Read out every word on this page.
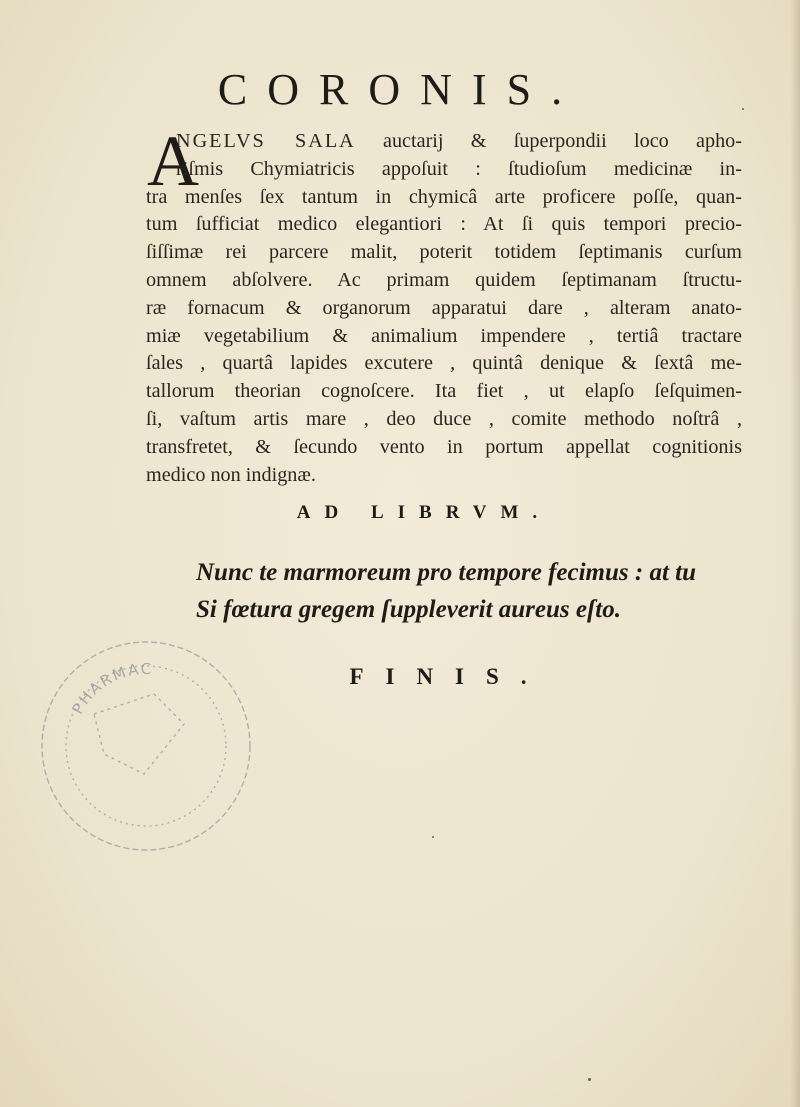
CORONIS.
A
NGELVS SALA auctarij & ſuperpondii loco apho-
riſmis Chymiatricis appoſuit : ſtudioſum medicinæ in-
tra menſes ſex tantum in chymicâ arte proficere poſſe, quan-
tum ſufficiat medico elegantiori : At ſi quis tempori precio-
ſiſſimæ rei parcere malit, poterit totidem ſeptimanis curſum
omnem abſolvere. Ac primam quidem ſeptimanam ſtructu-
ræ fornacum & organorum apparatui dare , alteram anato-
miæ vegetabilium & animalium impendere , tertiâ tractare
ſales , quartâ lapides excutere , quintâ denique & ſextâ me-
tallorum theorian cognoſcere. Ita fiet , ut elapſo ſeſquimen-
ſi, vaſtum artis mare , deo duce , comite methodo noſtrâ ,
transfretet, & ſecundo vento in portum appellat cognitionis
medico non indignæ.
AD LIBRVM.
Nunc te marmoreum pro tempore fecimus : at tu
Si fœtura gregem ſuppleverit aureus eſto.
FINIS.
PHARMAC
